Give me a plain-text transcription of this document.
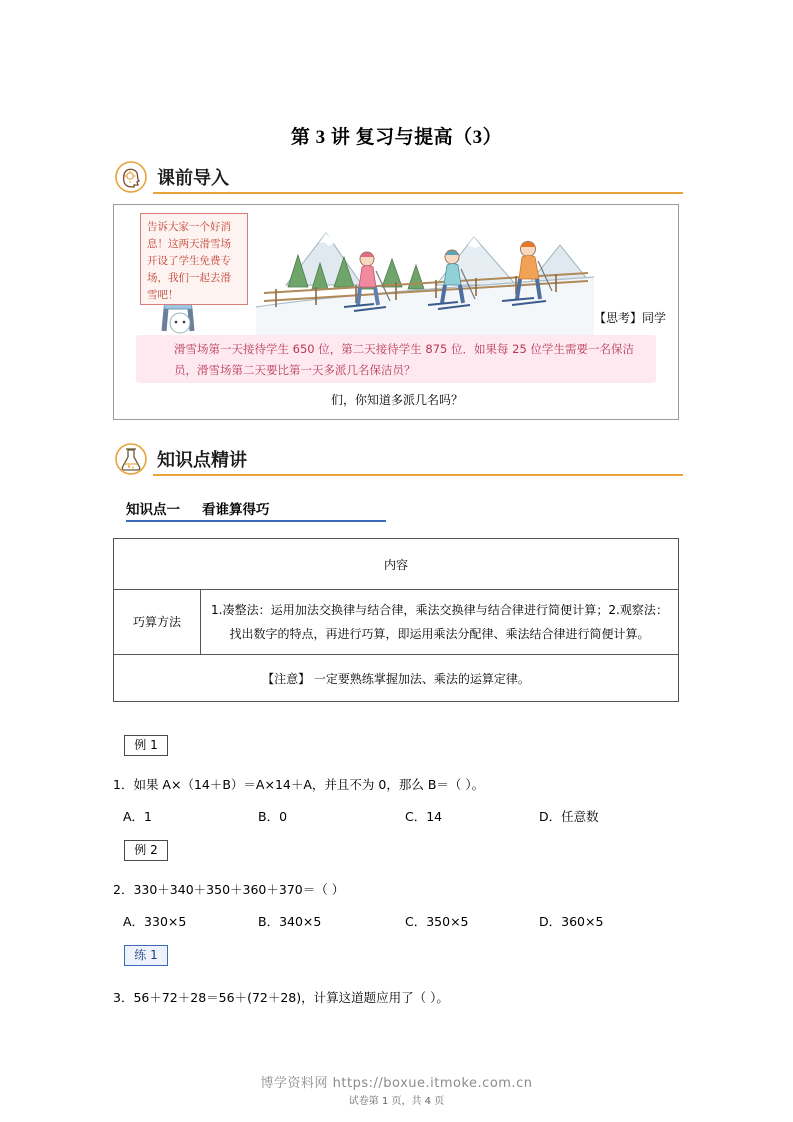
第 3 讲 复习与提高（3）
课前导入
告诉大家一个好消息！这两天滑雪场开设了学生免费专场，我们一起去滑雪吧！
【思考】同学
滑雪场第一天接待学生 650 位，第二天接待学生 875 位．如果每 25 位学生需要一名保洁员，滑雪场第二天要比第一天多派几名保洁员？
们，你知道多派几名吗？
知识点精讲
知识点一 看谁算得巧
内容
巧算方法	1.凑整法：运用加法交换律与结合律，乘法交换律与结合律进行简便计算；2.观察法：找出数字的特点，再进行巧算，即运用乘法分配律、乘法结合律进行简便计算。
【注意】 一定要熟练掌握加法、乘法的运算定律。
例 1
1．如果 A×（14＋B）＝A×14＋A，并且不为 0，那么 B＝（ ）。
A．1	B．0	C．14	D．任意数
例 2
2．330＋340＋350＋360＋370＝（ ）
A．330×5	B．340×5	C．350×5	D．360×5
练 1
3．56＋72＋28＝56＋(72＋28)，计算这道题应用了（ ）。
博学资料网 https://boxue.itmoke.com.cn
试卷第 1 页，共 4 页
